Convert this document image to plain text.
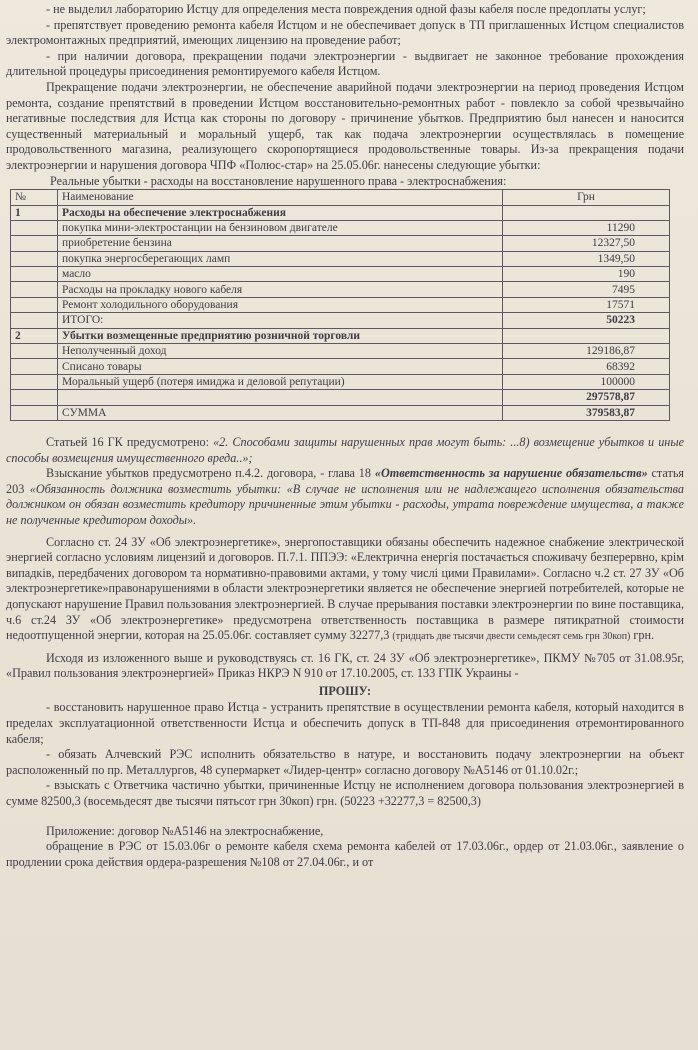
- не выделил лабораторию Истцу для определения места повреждения одной фазы кабеля после предоплаты услуг;

- препятствует проведению ремонта кабеля Истцом и не обеспечивает допуск в ТП приглашенных Истцом специалистов электромонтажных предприятий, имеющих лицензию на проведение работ;

- при наличии договора, прекращении подачи электроэнергии - выдвигает не законное требование прохождения длительной процедуры присоединения ремонтируемого кабеля Истцом.

Прекращение подачи электроэнергии, не обеспечение аварийной подачи электроэнергии на период проведения Истцом ремонта, создание препятствий в проведении Истцом восстановительно-ремонтных работ - повлекло за собой чрезвычайно негативные последствия для Истца как стороны по договору - причинение убытков. Предприятию был нанесен и наносится существенный материальный и моральный ущерб, так как подача электроэнергии осуществлялась в помещение продовольственного магазина, реализующего скоропортящиеся продовольственные товары. Из-за прекращения подачи электроэнергии и нарушения договора ЧПФ «Полюс-стар» на 25.05.06г. нанесены следующие убытки:

Реальные убытки - расходы на восстановление нарушенного права - электроснабжения:

№	Наименование	Грн
1	Расходы на обеспечение электроснабжения	
	покупка мини-электростанции на бензиновом двигателе	11290
	приобретение бензина	12327,50
	покупка энергосберегающих ламп	1349,50
	масло	190
	Расходы на прокладку нового кабеля	7495
	Ремонт холодильного оборудования	17571
	ИТОГО:	50223
2	Убытки возмещенные предприятию розничной торговли	
	Неполученный доход	129186,87
	Списано товары	68392
	Моральный ущерб (потеря имиджа и деловой репутации)	100000
		297578,87
	СУММА	379583,87

Статьей 16 ГК предусмотрено: «2. Способами защиты нарушенных прав могут быть: ...8) возмещение убытков и иные способы возмещения имущественного вреда..»;

Взыскание убытков предусмотрено п.4.2. договора, - глава 18 «Ответственность за нарушение обязательств» статья 203 «Обязанность должника возместить убытки: «В случае не исполнения или не надлежащего исполнения обязательства должником он обязан возместить кредитору причиненные этим убытки - расходы, утрата повреждение имущества, а также не полученные кредитором доходы».

Согласно ст. 24 ЗУ «Об электроэнергетике», энергопоставщики обязаны обеспечить надежное снабжение электрической энергией согласно условиям лицензий и договоров. П.7.1. ППЭЭ: «Електрична енергія постачається споживачу безперервно, крім випадків, передбачених договором та нормативно-правовими актами, у тому числі цими Правилами». Согласно ч.2 ст. 27 ЗУ «Об электроэнергетике»правонарушениями в области электроэнергетики является не обеспечение энергией потребителей, которые не допускают нарушение Правил пользования электроэнергией. В случае прерывания поставки электроэнергии по вине поставщика, ч.6 ст.24 ЗУ «Об электроэнергетике» предусмотрена ответственность поставщика в размере пятикратной стоимости недоотпущенной энергии, которая на 25.05.06г. составляет сумму 32277,3 (тридцать две тысячи двести семьдесят семь грн 30коп) грн.

Исходя из изложенного выше и руководствуясь ст. 16 ГК, ст. 24 ЗУ «Об электроэнергетике», ПКМУ №705 от 31.08.95г, «Правил пользования электроэнергией» Приказ НКРЭ N 910 от 17.10.2005, ст. 133 ГПК Украины -

ПРОШУ:

- восстановить нарушенное право Истца - устранить препятствие в осуществлении ремонта кабеля, который находится в пределах эксплуатационной ответственности Истца и обеспечить допуск в ТП-848 для присоединения отремонтированного кабеля;

- обязать Алчевский РЭС исполнить обязательство в натуре, и восстановить подачу электроэнергии на объект расположенный по пр. Металлургов, 48 супермаркет «Лидер-центр» согласно договору №А5146 от 01.10.02г.;

- взыскать с Ответчика частично убытки, причиненные Истцу не исполнением договора пользования электроэнергией в сумме 82500,3 (восемьдесят две тысячи пятьсот грн 30коп) грн. (50223 +32277,3 = 82500,3)

Приложение: договор №А5146 на электроснабжение,

обращение в РЭС от 15.03.06г о ремонте кабеля схема ремонта кабелей от 17.03.06г., ордер от 21.03.06г., заявление о продлении срока действия ордера-разрешения №108 от 27.04.06г., и от
